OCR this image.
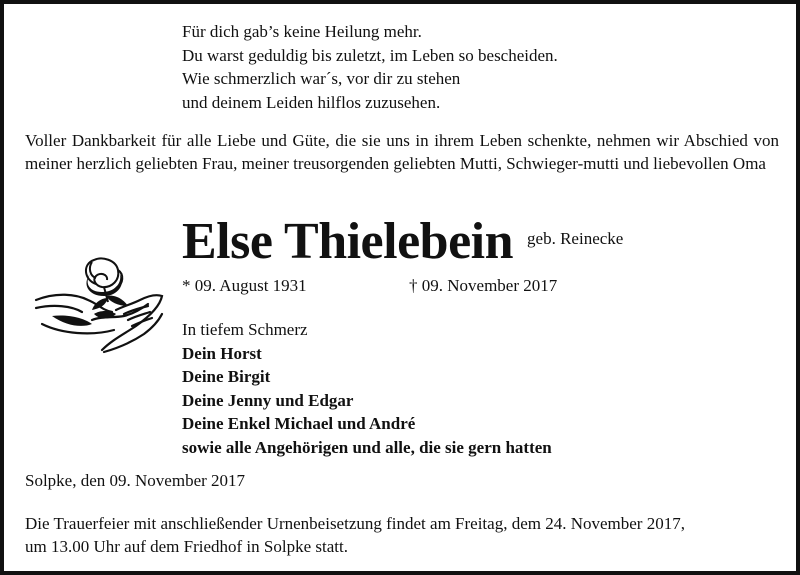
Für dich gab’s keine Heilung mehr.
Du warst geduldig bis zuletzt, im Leben so bescheiden.
Wie schmerzlich war´s, vor dir zu stehen
und deinem Leiden hilflos zuzusehen.
Voller Dankbarkeit für alle Liebe und Güte, die sie uns in ihrem Leben schenkte, nehmen wir Abschied von meiner herzlich geliebten Frau, meiner treusorgenden geliebten Mutti, Schwieger-mutti und liebevollen Oma
Else Thielebein geb. Reinecke
* 09. August 1931	† 09. November 2017
In tiefem Schmerz
Dein Horst
Deine Birgit
Deine Jenny und Edgar
Deine Enkel Michael und André
sowie alle Angehörigen und alle, die sie gern hatten
Solpke, den 09. November 2017
Die Trauerfeier mit anschließender Urnenbeisetzung findet am Freitag, dem 24. November 2017,
um 13.00 Uhr auf dem Friedhof in Solpke statt.
